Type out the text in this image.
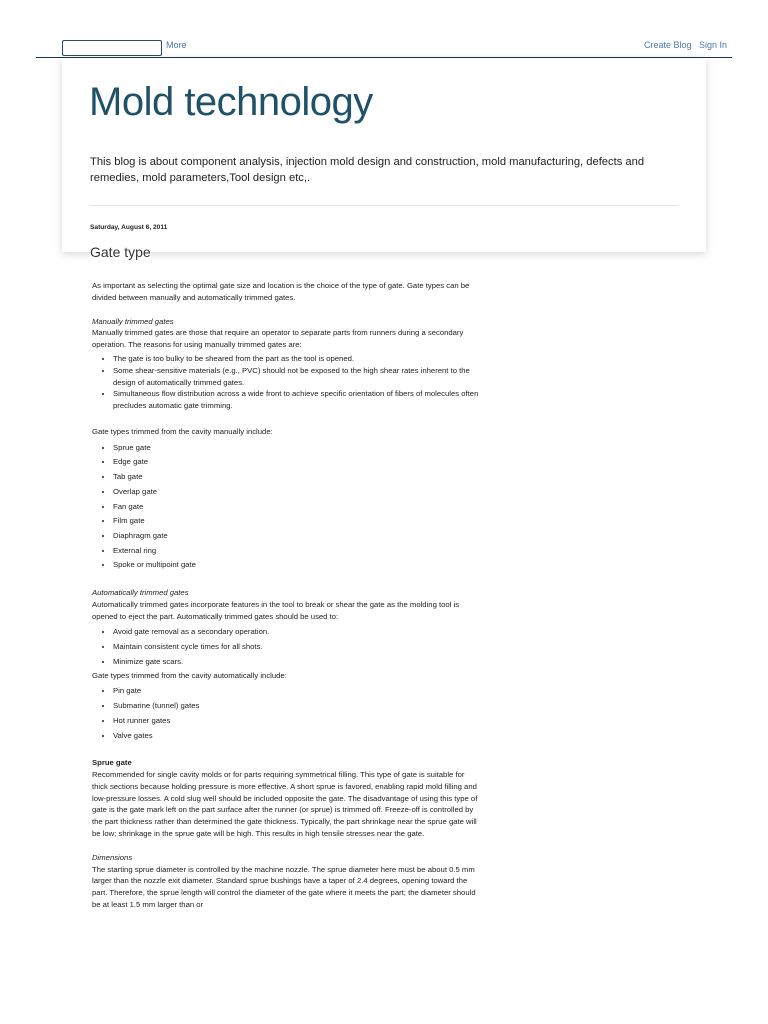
More	Create Blog Sign In
Mold technology
This blog is about component analysis, injection mold design and construction, mold manufacturing, defects and remedies, mold parameters,Tool design etc,.
Saturday, August 6, 2011
Gate type

As important as selecting the optimal gate size and location is the choice of the type of gate. Gate types can be divided between manually and automatically trimmed gates.

Manually trimmed gates

Manually trimmed gates are those that require an operator to separate parts from runners during a secondary operation. The reasons for using manually trimmed gates are:

• The gate is too bulky to be sheared from the part as the tool is opened.
• Some shear-sensitive materials (e.g., PVC) should not be exposed to the high shear rates inherent to the design of automatically trimmed gates.
• Simultaneous flow distribution across a wide front to achieve specific orientation of fibers of molecules often precludes automatic gate trimming.

Gate types trimmed from the cavity manually include:

• Sprue gate
• Edge gate
• Tab gate
• Overlap gate
• Fan gate
• Film gate
• Diaphragm gate
• External ring
• Spoke or multipoint gate

Automatically trimmed gates

Automatically trimmed gates incorporate features in the tool to break or shear the gate as the molding tool is opened to eject the part. Automatically trimmed gates should be used to:

• Avoid gate removal as a secondary operation.
• Maintain consistent cycle times for all shots.
• Minimize gate scars.

Gate types trimmed from the cavity automatically include:

• Pin gate
• Submarine (tunnel) gates
• Hot runner gates
• Valve gates

Sprue gate

Recommended for single cavity molds or for parts requiring symmetrical filling. This type of gate is suitable for thick sections because holding pressure is more effective. A short sprue is favored, enabling rapid mold filling and low-pressure losses. A cold slug well should be included opposite the gate. The disadvantage of using this type of gate is the gate mark left on the part surface after the runner (or sprue) is trimmed off. Freeze-off is controlled by the part thickness rather than determined the gate thickness. Typically, the part shrinkage near the sprue gate will be low; shrinkage in the sprue gate will be high. This results in high tensile stresses near the gate.

Dimensions

The starting sprue diameter is controlled by the machine nozzle. The sprue diameter here must be about 0.5 mm larger than the nozzle exit diameter. Standard sprue bushings have a taper of 2.4 degrees, opening toward the part. Therefore, the sprue length will control the diameter of the gate where it meets the part; the diameter should be at least 1.5 mm larger than or
